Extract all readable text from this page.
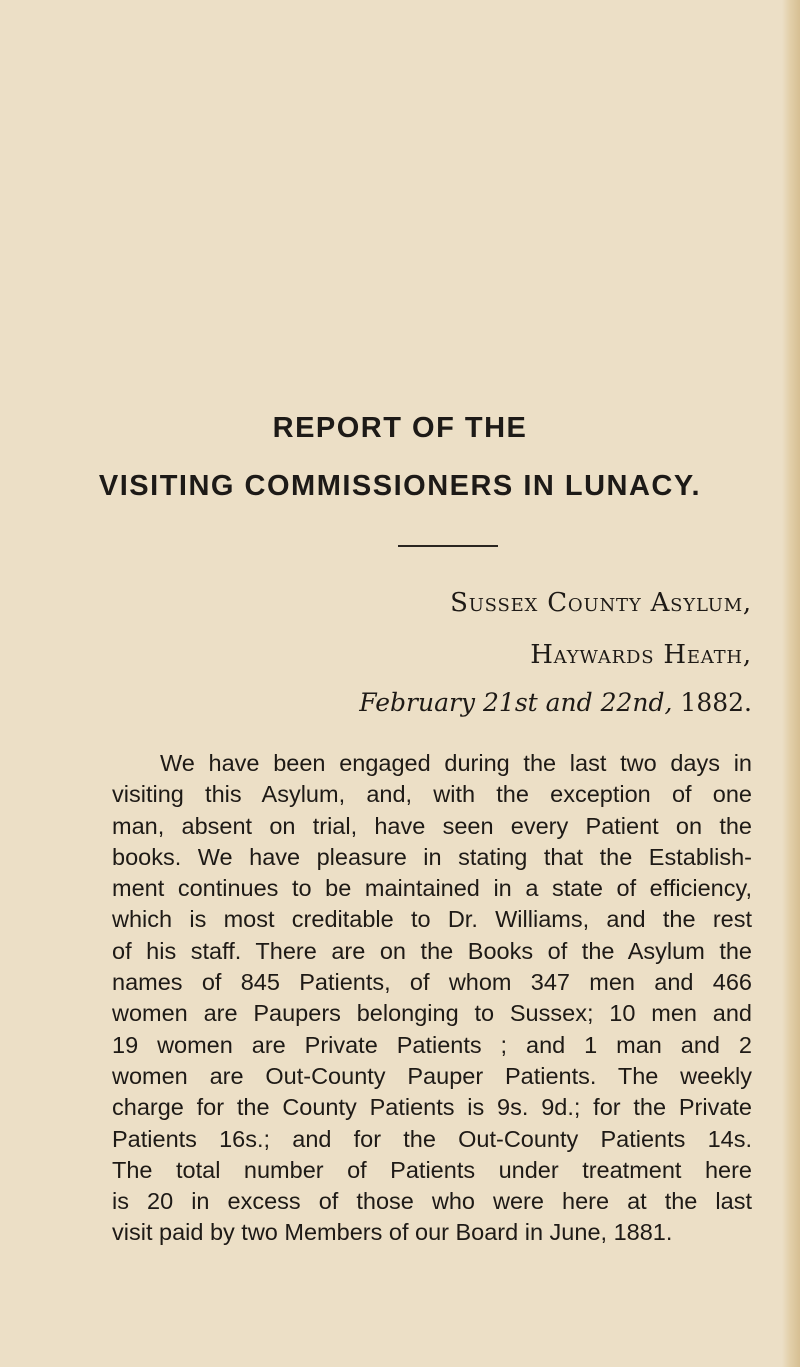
REPORT OF THE
VISITING COMMISSIONERS IN LUNACY.

Sussex County Asylum,

Haywards Heath,

February 21st and 22nd, 1882.

We have been engaged during the last two days in
visiting this Asylum, and, with the exception of one
man, absent on trial, have seen every Patient on the
books. We have pleasure in stating that the Establish-
ment continues to be maintained in a state of efficiency,
which is most creditable to Dr. Williams, and the rest
of his staff. There are on the Books of the Asylum the
names of 845 Patients, of whom 347 men and 466
women are Paupers belonging to Sussex; 10 men and
19 women are Private Patients ; and 1 man and 2
women are Out-County Pauper Patients. The weekly
charge for the County Patients is 9s. 9d.; for the Private
Patients 16s.; and for the Out-County Patients 14s.
The total number of Patients under treatment here
is 20 in excess of those who were here at the last
visit paid by two Members of our Board in June, 1881.
